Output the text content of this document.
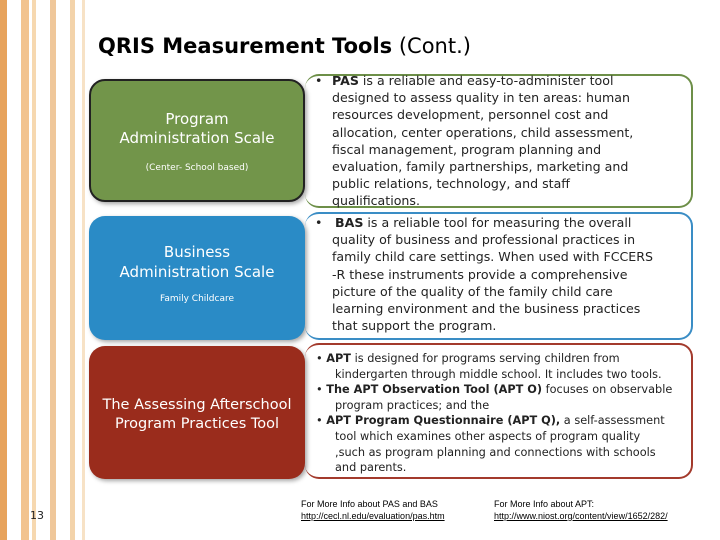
QRIS Measurement Tools (Cont.)
• PAS is a reliable and easy-to-administer tool
designed to assess quality in ten areas: human
resources development, personnel cost and
allocation, center operations, child assessment,
fiscal management, program planning and
evaluation, family partnerships, marketing and
public relations, technology, and staff
qualifications.
• BAS is a reliable tool for measuring the overall
quality of business and professional practices in
family child care settings. When used with FCCERS
-R these instruments provide a comprehensive
picture of the quality of the family child care
learning environment and the business practices
that support the program.
• APT is designed for programs serving children from
kindergarten through middle school. It includes two tools.
• The APT Observation Tool (APT O) focuses on observable
program practices; and the
• APT Program Questionnaire (APT Q), a self-assessment
tool which examines other aspects of program quality
,such as program planning and connections with schools
and parents.
Program
Administration Scale
(Center- School based)
Business
Administration Scale
Family Childcare
The Assessing Afterschool
Program Practices Tool
13
For More Info about PAS and BAS
http://cecl.nl.edu/evaluation/pas.htm
For More Info about APT:
http://www.niost.org/content/view/1652/282/
